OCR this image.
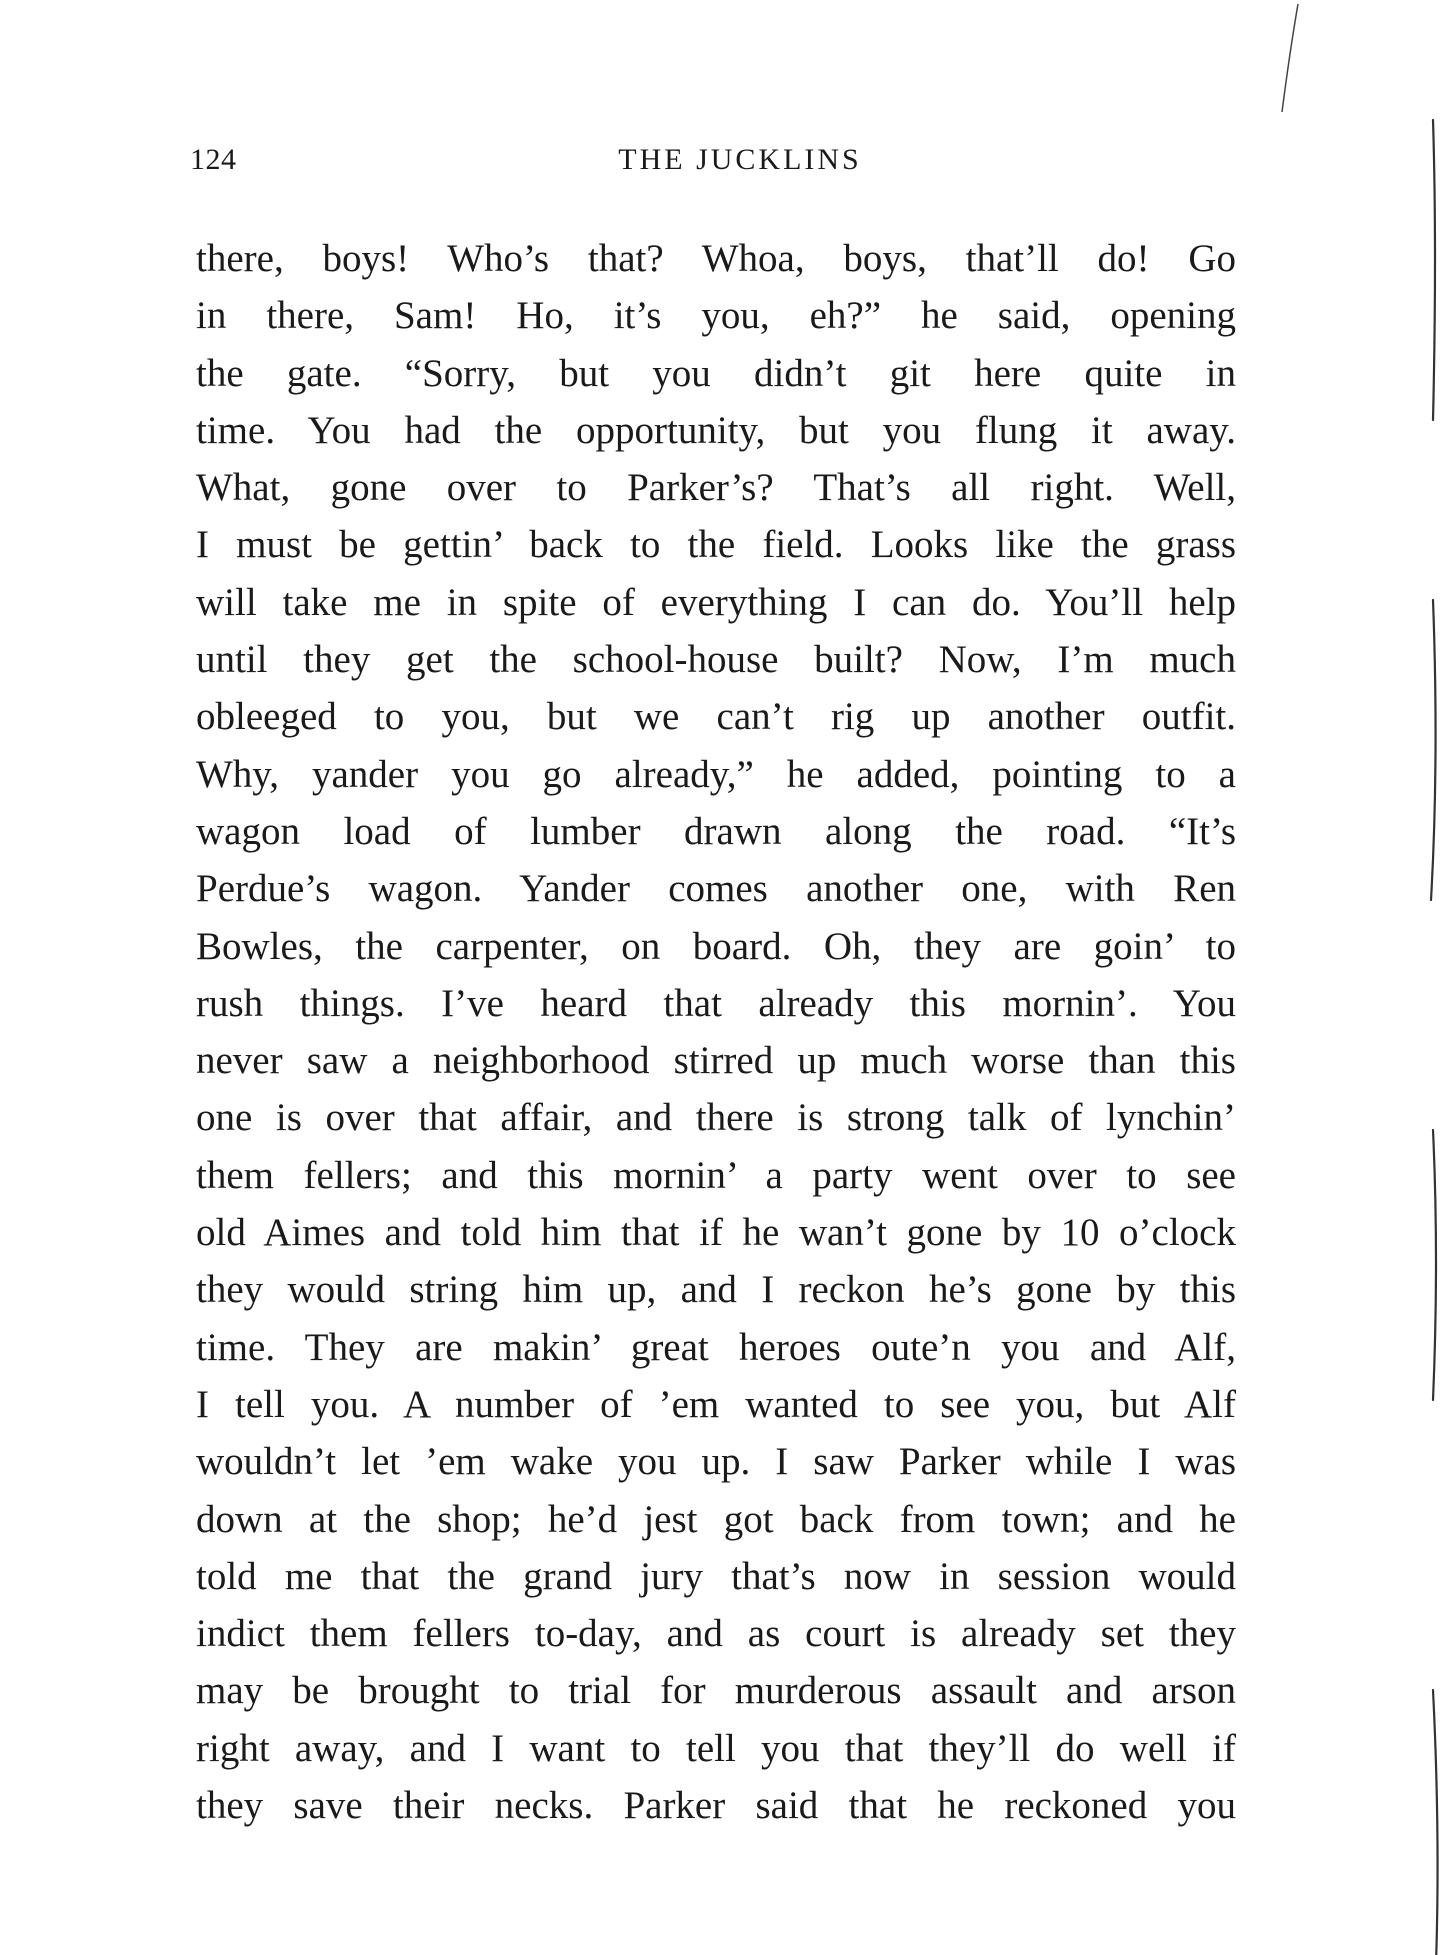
124	THE JUCKLINS
there, boys! Who’s that? Whoa, boys, that’ll do! Go
in there, Sam! Ho, it’s you, eh?” he said, opening
the gate. “Sorry, but you didn’t git here quite in
time. You had the opportunity, but you flung it away.
What, gone over to Parker’s? That’s all right. Well,
I must be gettin’ back to the field. Looks like the grass
will take me in spite of everything I can do. You’ll help
until they get the school-house built? Now, I’m much
obleeged to you, but we can’t rig up another outfit.
Why, yander you go already,” he added, pointing to a
wagon load of lumber drawn along the road. “It’s
Perdue’s wagon. Yander comes another one, with Ren
Bowles, the carpenter, on board. Oh, they are goin’ to
rush things. I’ve heard that already this mornin’. You
never saw a neighborhood stirred up much worse than this
one is over that affair, and there is strong talk of lynchin’
them fellers; and this mornin’ a party went over to see
old Aimes and told him that if he wan’t gone by 10 o’clock
they would string him up, and I reckon he’s gone by this
time. They are makin’ great heroes oute’n you and Alf,
I tell you. A number of ’em wanted to see you, but Alf
wouldn’t let ’em wake you up. I saw Parker while I was
down at the shop; he’d jest got back from town; and he
told me that the grand jury that’s now in session would
indict them fellers to-day, and as court is already set they
may be brought to trial for murderous assault and arson
right away, and I want to tell you that they’ll do well if
they save their necks. Parker said that he reckoned you
